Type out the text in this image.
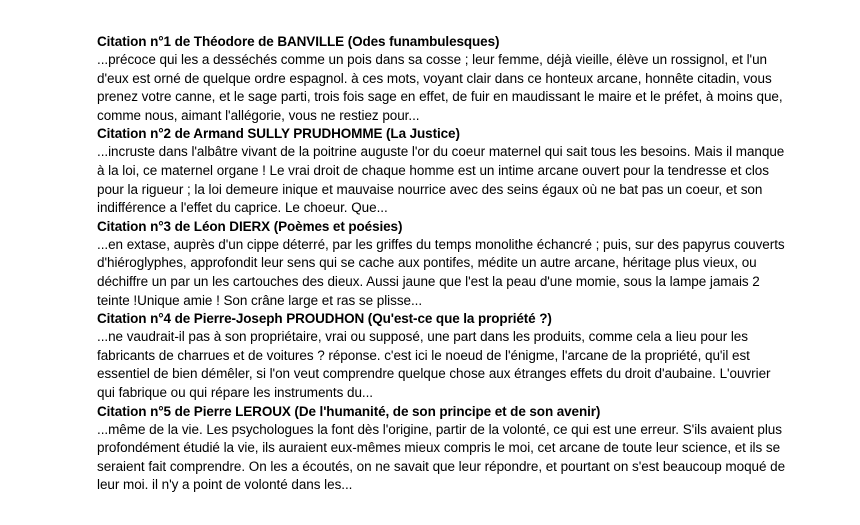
Citation n°1 de Théodore de BANVILLE (Odes funambulesques)
...précoce qui les a desséchés comme un pois dans sa cosse ; leur femme, déjà vieille, élève un rossignol, et l'un d'eux est orné de quelque ordre espagnol. à ces mots, voyant clair dans ce honteux arcane, honnête citadin, vous prenez votre canne, et le sage parti, trois fois sage en effet, de fuir en maudissant le maire et le préfet, à moins que, comme nous, aimant l'allégorie, vous ne restiez pour...
Citation n°2 de Armand SULLY PRUDHOMME (La Justice)
...incruste dans l'albâtre vivant de la poitrine auguste l'or du coeur maternel qui sait tous les besoins. Mais il manque à la loi, ce maternel organe ! Le vrai droit de chaque homme est un intime arcane ouvert pour la tendresse et clos pour la rigueur ; la loi demeure inique et mauvaise nourrice avec des seins égaux où ne bat pas un coeur, et son indifférence a l'effet du caprice. Le choeur. Que...
Citation n°3 de Léon DIERX (Poèmes et poésies)
...en extase, auprès d'un cippe déterré, par les griffes du temps monolithe échancré ; puis, sur des papyrus couverts d'hiéroglyphes, approfondit leur sens qui se cache aux pontifes, médite un autre arcane, héritage plus vieux, ou déchiffre un par un les cartouches des dieux. Aussi jaune que l'est la peau d'une momie, sous la lampe jamais 2 teinte !Unique amie ! Son crâne large et ras se plisse...
Citation n°4 de Pierre-Joseph PROUDHON (Qu'est-ce que la propriété ?)
...ne vaudrait-il pas à son propriétaire, vrai ou supposé, une part dans les produits, comme cela a lieu pour les fabricants de charrues et de voitures ? réponse. c'est ici le noeud de l'énigme, l'arcane de la propriété, qu'il est essentiel de bien démêler, si l'on veut comprendre quelque chose aux étranges effets du droit d'aubaine. L'ouvrier qui fabrique ou qui répare les instruments du...
Citation n°5 de Pierre LEROUX (De l'humanité, de son principe et de son avenir)
...même de la vie. Les psychologues la font dès l'origine, partir de la volonté, ce qui est une erreur. S'ils avaient plus profondément étudié la vie, ils auraient eux-mêmes mieux compris le moi, cet arcane de toute leur science, et ils se seraient fait comprendre. On les a écoutés, on ne savait que leur répondre, et pourtant on s'est beaucoup moqué de leur moi. il n'y a point de volonté dans les...
